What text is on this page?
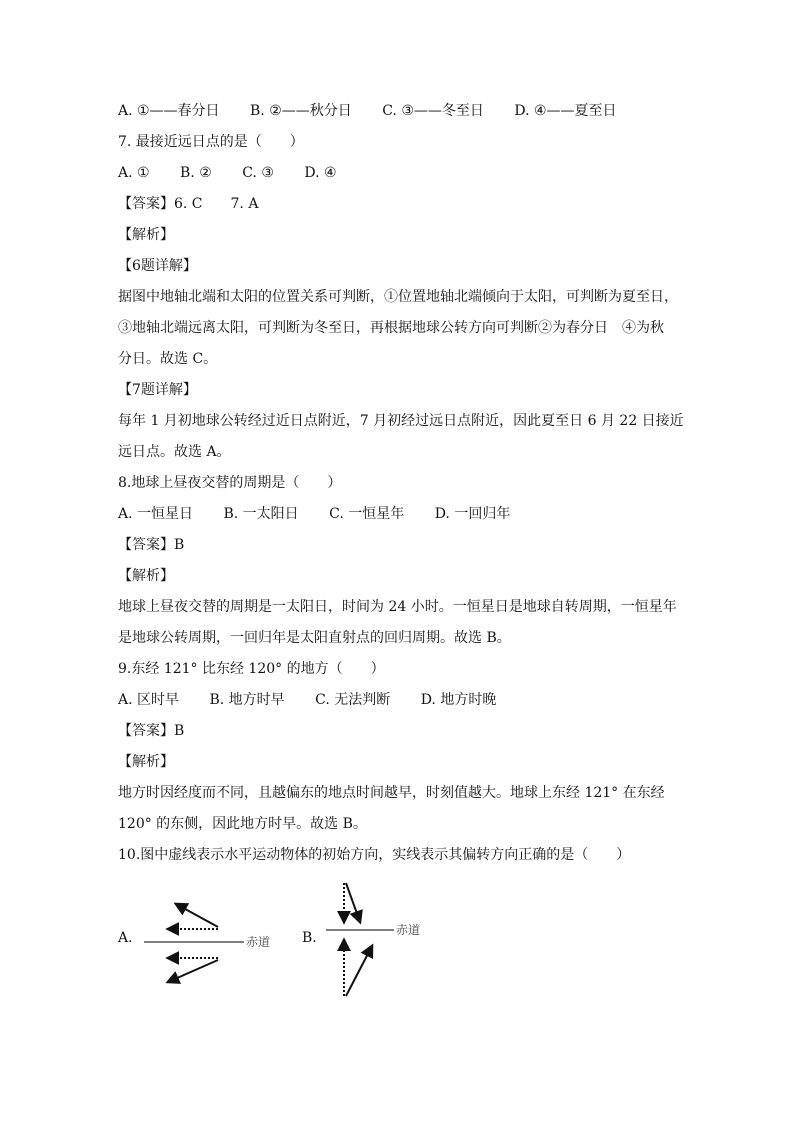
A. ①——春分日 B. ②——秋分日 C. ③——冬至日 D. ④——夏至日
7. 最接近远日点的是（　　）
A. ① B. ② C. ③ D. ④
【答案】6. C　　7. A
【解析】
【6题详解】
据图中地轴北端和太阳的位置关系可判断，①位置地轴北端倾向于太阳，可判断为夏至日，
③地轴北端远离太阳，可判断为冬至日，再根据地球公转方向可判断②为春分日　④为秋
分日。故选 C。
【7题详解】
每年 1 月初地球公转经过近日点附近，7 月初经过远日点附近，因此夏至日 6 月 22 日接近
远日点。故选 A。
8.地球上昼夜交替的周期是（　　）
A. 一恒星日 B. 一太阳日 C. 一恒星年 D. 一回归年
【答案】B
【解析】
地球上昼夜交替的周期是一太阳日，时间为 24 小时。一恒星日是地球自转周期，一恒星年
是地球公转周期，一回归年是太阳直射点的回归周期。故选 B。
9.东经 121° 比东经 120° 的地方（　　）
A. 区时早 B. 地方时早 C. 无法判断 D. 地方时晚
【答案】B
【解析】
地方时因经度而不同，且越偏东的地点时间越早，时刻值越大。地球上东经 121° 在东经
120° 的东侧，因此地方时早。故选 B。
10.图中虚线表示水平运动物体的初始方向，实线表示其偏转方向正确的是（　　）
A.	B.
赤道
赤道
